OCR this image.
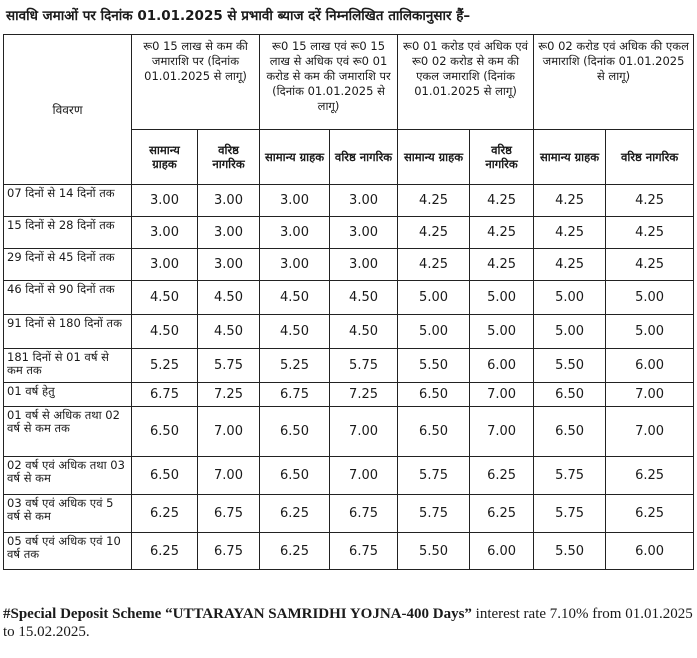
सावधि जमाओं पर दिनांक 01.01.2025 से प्रभावी ब्याज दरें निम्नलिखित तालिकानुसार हैं–
विवरण	रू0 15 लाख से कम की जमाराशि पर (दिनांक 01.01.2025 से लागू)		रू0 15 लाख एवं रू0 15 लाख से अधिक एवं रू0 01 करोड से कम की जमाराशि पर (दिनांक 01.01.2025 से लागू)		रू0 01 करोड एवं अधिक एवं रू0 02 करोड से कम की एकल जमाराशि (दिनांक 01.01.2025 से लागू)		रू0 02 करोड एवं अधिक की एकल जमाराशि (दिनांक 01.01.2025 से लागू)	
	सामान्य ग्राहक	वरिष्ठ नागरिक	सामान्य ग्राहक	वरिष्ठ नागरिक	सामान्य ग्राहक	वरिष्ठ नागरिक	सामान्य ग्राहक	वरिष्ठ नागरिक
07 दिनों से 14 दिनों तक	3.00	3.00	3.00	3.00	4.25	4.25	4.25	4.25
15 दिनों से 28 दिनों तक	3.00	3.00	3.00	3.00	4.25	4.25	4.25	4.25
29 दिनों से 45 दिनों तक	3.00	3.00	3.00	3.00	4.25	4.25	4.25	4.25
46 दिनों से 90 दिनों तक	4.50	4.50	4.50	4.50	5.00	5.00	5.00	5.00
91 दिनों से 180 दिनों तक	4.50	4.50	4.50	4.50	5.00	5.00	5.00	5.00
181 दिनों से 01 वर्ष से कम तक	5.25	5.75	5.25	5.75	5.50	6.00	5.50	6.00
01 वर्ष हेतु	6.75	7.25	6.75	7.25	6.50	7.00	6.50	7.00
01 वर्ष से अधिक तथा 02 वर्ष से कम तक	6.50	7.00	6.50	7.00	6.50	7.00	6.50	7.00
02 वर्ष एवं अधिक तथा 03 वर्ष से कम	6.50	7.00	6.50	7.00	5.75	6.25	5.75	6.25
03 वर्ष एवं अधिक एवं 5 वर्ष से कम	6.25	6.75	6.25	6.75	5.75	6.25	5.75	6.25
05 वर्ष एवं अधिक एवं 10 वर्ष तक	6.25	6.75	6.25	6.75	5.50	6.00	5.50	6.00
#Special Deposit Scheme “UTTARAYAN SAMRIDHI YOJNA-400 Days” interest rate 7.10% from 01.01.2025 to 15.02.2025.
